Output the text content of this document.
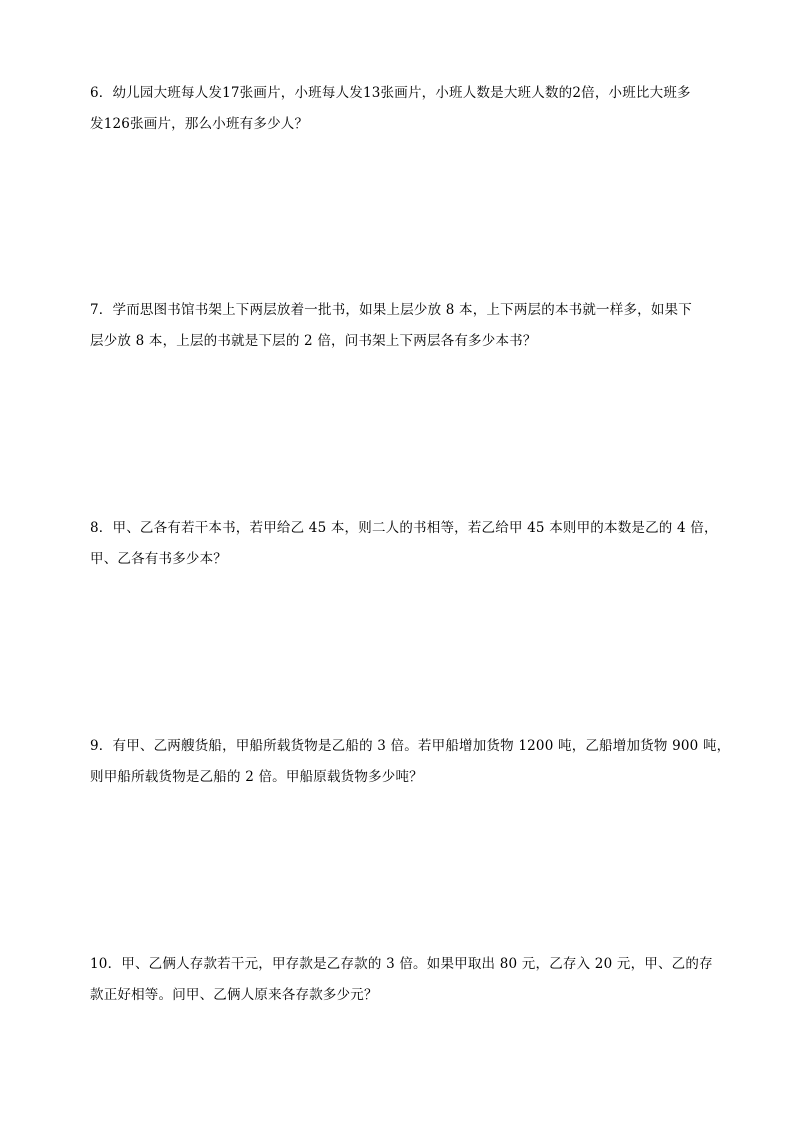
6．幼儿园大班每人发17张画片，小班每人发13张画片，小班人数是大班人数的2倍，小班比大班多

发126张画片，那么小班有多少人？

7．学而思图书馆书架上下两层放着一批书，如果上层少放 8 本，上下两层的本书就一样多，如果下

层少放 8 本，上层的书就是下层的 2 倍，问书架上下两层各有多少本书？

8．甲、乙各有若干本书，若甲给乙 45 本，则二人的书相等，若乙给甲 45 本则甲的本数是乙的 4 倍，

甲、乙各有书多少本？

9．有甲、乙两艘货船，甲船所载货物是乙船的 3 倍。若甲船增加货物 1200 吨，乙船增加货物 900 吨，

则甲船所载货物是乙船的 2 倍。甲船原载货物多少吨？

10．甲、乙俩人存款若干元，甲存款是乙存款的 3 倍。如果甲取出 80 元，乙存入 20 元，甲、乙的存

款正好相等。问甲、乙俩人原来各存款多少元？
